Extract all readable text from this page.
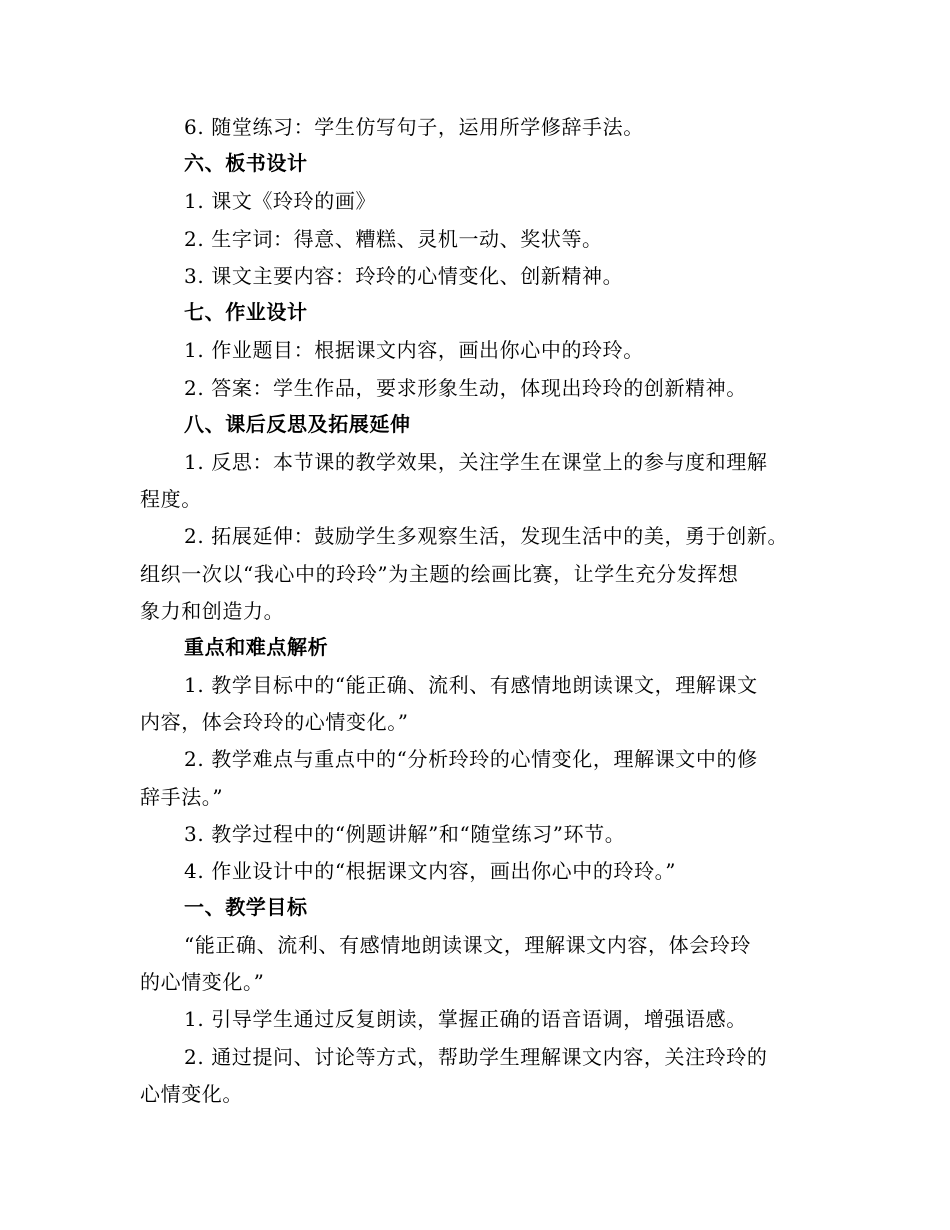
6. 随堂练习：学生仿写句子，运用所学修辞手法。
六、板书设计
1. 课文《玲玲的画》
2. 生字词：得意、糟糕、灵机一动、奖状等。
3. 课文主要内容：玲玲的心情变化、创新精神。
七、作业设计
1. 作业题目：根据课文内容，画出你心中的玲玲。
2. 答案：学生作品，要求形象生动，体现出玲玲的创新精神。
八、课后反思及拓展延伸
1. 反思：本节课的教学效果，关注学生在课堂上的参与度和理解
程度。
2. 拓展延伸：鼓励学生多观察生活，发现生活中的美，勇于创新。
组织一次以“我心中的玲玲”为主题的绘画比赛，让学生充分发挥想
象力和创造力。
重点和难点解析
1. 教学目标中的“能正确、流利、有感情地朗读课文，理解课文
内容，体会玲玲的心情变化。”
2. 教学难点与重点中的“分析玲玲的心情变化，理解课文中的修
辞手法。”
3. 教学过程中的“例题讲解”和“随堂练习”环节。
4. 作业设计中的“根据课文内容，画出你心中的玲玲。”
一、教学目标
“能正确、流利、有感情地朗读课文，理解课文内容，体会玲玲
的心情变化。”
1. 引导学生通过反复朗读，掌握正确的语音语调，增强语感。
2. 通过提问、讨论等方式，帮助学生理解课文内容，关注玲玲的
心情变化。
